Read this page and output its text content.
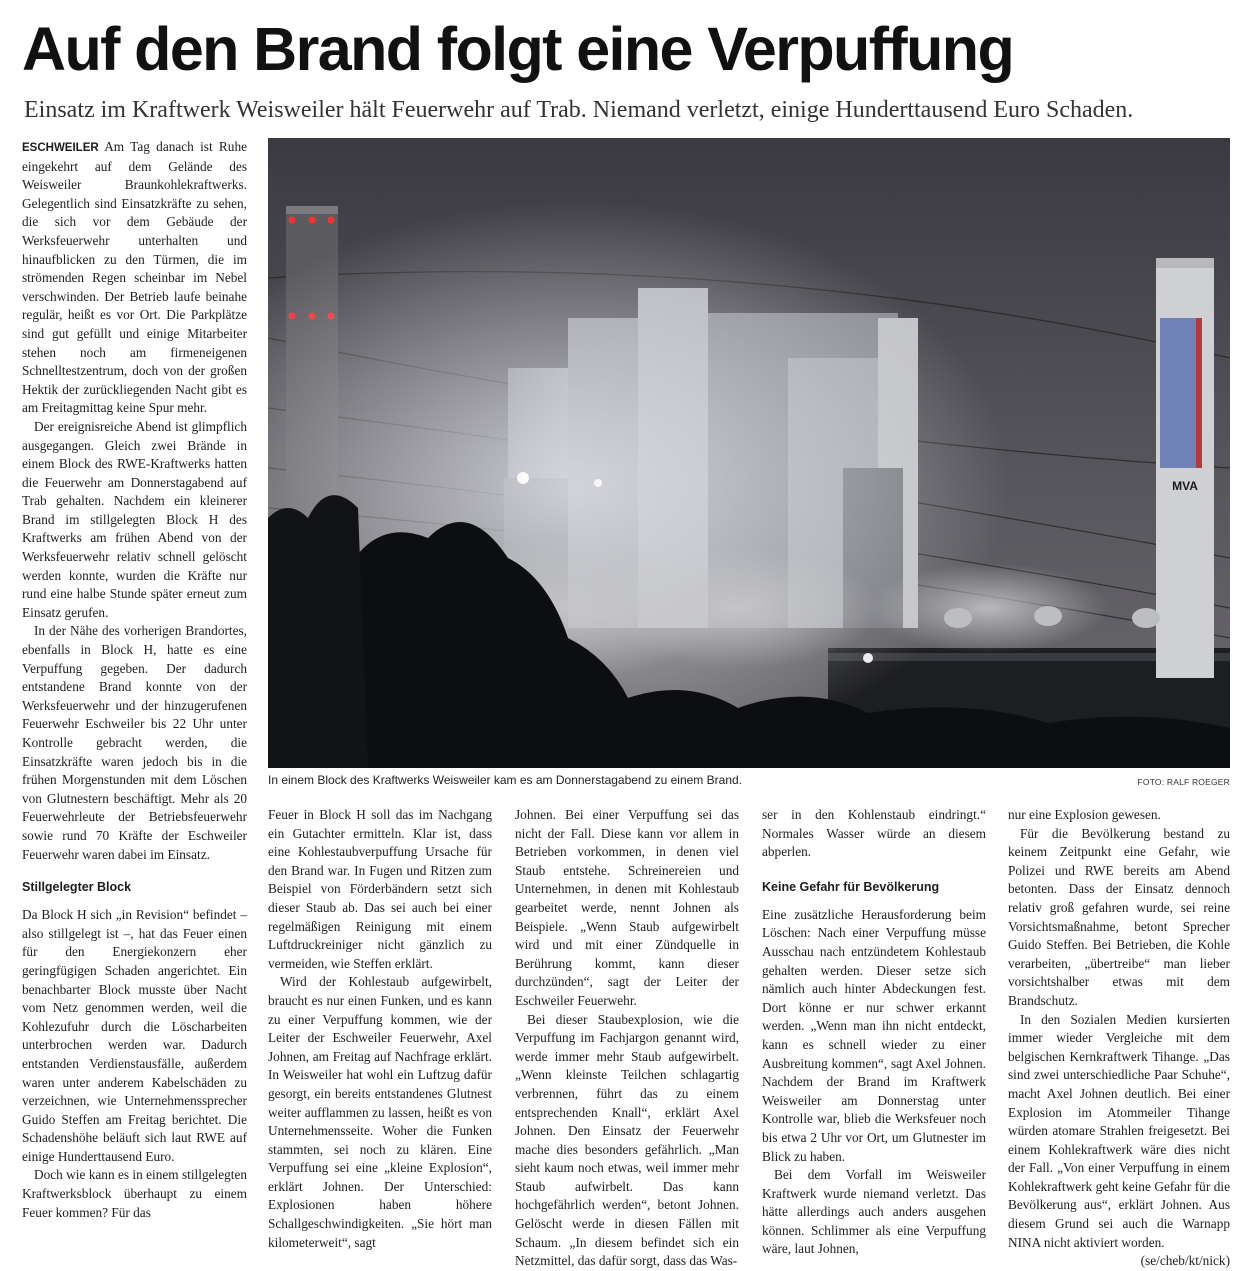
Auf den Brand folgt eine Verpuffung
Einsatz im Kraftwerk Weisweiler hält Feuerwehr auf Trab. Niemand verletzt, einige Hunderttausend Euro Schaden.

ESCHWEILER Am Tag danach ist Ruhe eingekehrt auf dem Gelände des Weisweiler Braunkohlekraftwerks. Gelegentlich sind Einsatzkräfte zu sehen, die sich vor dem Gebäude der Werksfeuerwehr unterhalten und hinaufblicken zu den Türmen, die im strömenden Regen scheinbar im Nebel verschwinden. Der Betrieb laufe beinahe regulär, heißt es vor Ort. Die Parkplätze sind gut gefüllt und einige Mitarbeiter stehen noch am firmeneigenen Schnelltestzentrum, doch von der großen Hektik der zurückliegenden Nacht gibt es am Freitagmittag keine Spur mehr.

Der ereignisreiche Abend ist glimpflich ausgegangen. Gleich zwei Brände in einem Block des RWE-Kraftwerks hatten die Feuerwehr am Donnerstagabend auf Trab gehalten. Nachdem ein kleinerer Brand im stillgelegten Block H des Kraftwerks am frühen Abend von der Werksfeuerwehr relativ schnell gelöscht werden konnte, wurden die Kräfte nur rund eine halbe Stunde später erneut zum Einsatz gerufen.

In der Nähe des vorherigen Brandortes, ebenfalls in Block H, hatte es eine Verpuffung gegeben. Der dadurch entstandene Brand konnte von der Werksfeuerwehr und der hinzugerufenen Feuerwehr Eschweiler bis 22 Uhr unter Kontrolle gebracht werden, die Einsatzkräfte waren jedoch bis in die frühen Morgenstunden mit dem Löschen von Glutnestern beschäftigt. Mehr als 20 Feuerwehrleute der Betriebsfeuerwehr sowie rund 70 Kräfte der Eschweiler Feuerwehr waren dabei im Einsatz.

Stillgelegter Block

Da Block H sich „in Revision“ befindet – also stillgelegt ist –, hat das Feuer einen für den Energiekonzern eher geringfügigen Schaden angerichtet. Ein benachbarter Block musste über Nacht vom Netz genommen werden, weil die Kohlezufuhr durch die Löscharbeiten unterbrochen werden war. Dadurch entstanden Verdienstausfälle, außerdem waren unter anderem Kabelschäden zu verzeichnen, wie Unternehmenssprecher Guido Steffen am Freitag berichtet. Die Schadenshöhe beläuft sich laut RWE auf einige Hunderttausend Euro.

Doch wie kann es in einem stillgelegten Kraftwerksblock überhaupt zu einem Feuer kommen? Für das

In einem Block des Kraftwerks Weisweiler kam es am Donnerstagabend zu einem Brand.	FOTO: RALF ROEGER

Feuer in Block H soll das im Nachgang ein Gutachter ermitteln. Klar ist, dass eine Kohlestaubverpuffung Ursache für den Brand war. In Fugen und Ritzen zum Beispiel von Förderbändern setzt sich dieser Staub ab. Das sei auch bei einer regelmäßigen Reinigung mit einem Luftdruckreiniger nicht gänzlich zu vermeiden, wie Steffen erklärt.

Wird der Kohlestaub aufgewirbelt, braucht es nur einen Funken, und es kann zu einer Verpuffung kommen, wie der Leiter der Eschweiler Feuerwehr, Axel Johnen, am Freitag auf Nachfrage erklärt. In Weisweiler hat wohl ein Luftzug dafür gesorgt, ein bereits entstandenes Glutnest weiter aufflammen zu lassen, heißt es von Unternehmensseite. Woher die Funken stammten, sei noch zu klären. Eine Verpuffung sei eine „kleine Explosion“, erklärt Johnen. Der Unterschied: Explosionen haben höhere Schallgeschwindigkeiten. „Sie hört man kilometerweit“, sagt

Johnen. Bei einer Verpuffung sei das nicht der Fall. Diese kann vor allem in Betrieben vorkommen, in denen viel Staub entstehe. Schreinereien und Unternehmen, in denen mit Kohlestaub gearbeitet werde, nennt Johnen als Beispiele. „Wenn Staub aufgewirbelt wird und mit einer Zündquelle in Berührung kommt, kann dieser durchzünden“, sagt der Leiter der Eschweiler Feuerwehr.

Bei dieser Staubexplosion, wie die Verpuffung im Fachjargon genannt wird, werde immer mehr Staub aufgewirbelt. „Wenn kleinste Teilchen schlagartig verbrennen, führt das zu einem entsprechenden Knall“, erklärt Axel Johnen. Den Einsatz der Feuerwehr mache dies besonders gefährlich. „Man sieht kaum noch etwas, weil immer mehr Staub aufwirbelt. Das kann hochgefährlich werden“, betont Johnen. Gelöscht werde in diesen Fällen mit Schaum. „In diesem befindet sich ein Netzmittel, das dafür sorgt, dass das Was-

ser in den Kohlenstaub eindringt.“ Normales Wasser würde an diesem abperlen.

Keine Gefahr für Bevölkerung

Eine zusätzliche Herausforderung beim Löschen: Nach einer Verpuffung müsse Ausschau nach entzündetem Kohlestaub gehalten werden. Dieser setze sich nämlich auch hinter Abdeckungen fest. Dort könne er nur schwer erkannt werden. „Wenn man ihn nicht entdeckt, kann es schnell wieder zu einer Ausbreitung kommen“, sagt Axel Johnen. Nachdem der Brand im Kraftwerk Weisweiler am Donnerstag unter Kontrolle war, blieb die Werksfeuer noch bis etwa 2 Uhr vor Ort, um Glutnester im Blick zu haben.

Bei dem Vorfall im Weisweiler Kraftwerk wurde niemand verletzt. Das hätte allerdings auch anders ausgehen können. Schlimmer als eine Verpuffung wäre, laut Johnen,

nur eine Explosion gewesen.

Für die Bevölkerung bestand zu keinem Zeitpunkt eine Gefahr, wie Polizei und RWE bereits am Abend betonten. Dass der Einsatz dennoch relativ groß gefahren wurde, sei reine Vorsichtsmaßnahme, betont Sprecher Guido Steffen. Bei Betrieben, die Kohle verarbeiten, „übertreibe“ man lieber vorsichtshalber etwas mit dem Brandschutz.

In den Sozialen Medien kursierten immer wieder Vergleiche mit dem belgischen Kernkraftwerk Tihange. „Das sind zwei unterschiedliche Paar Schuhe“, macht Axel Johnen deutlich. Bei einer Explosion im Atommeiler Tihange würden atomare Strahlen freigesetzt. Bei einem Kohlekraftwerk wäre dies nicht der Fall. „Von einer Verpuffung in einem Kohlekraftwerk geht keine Gefahr für die Bevölkerung aus“, erklärt Johnen. Aus diesem Grund sei auch die Warnapp NINA nicht aktiviert worden.
(se/cheb/kt/nick)
